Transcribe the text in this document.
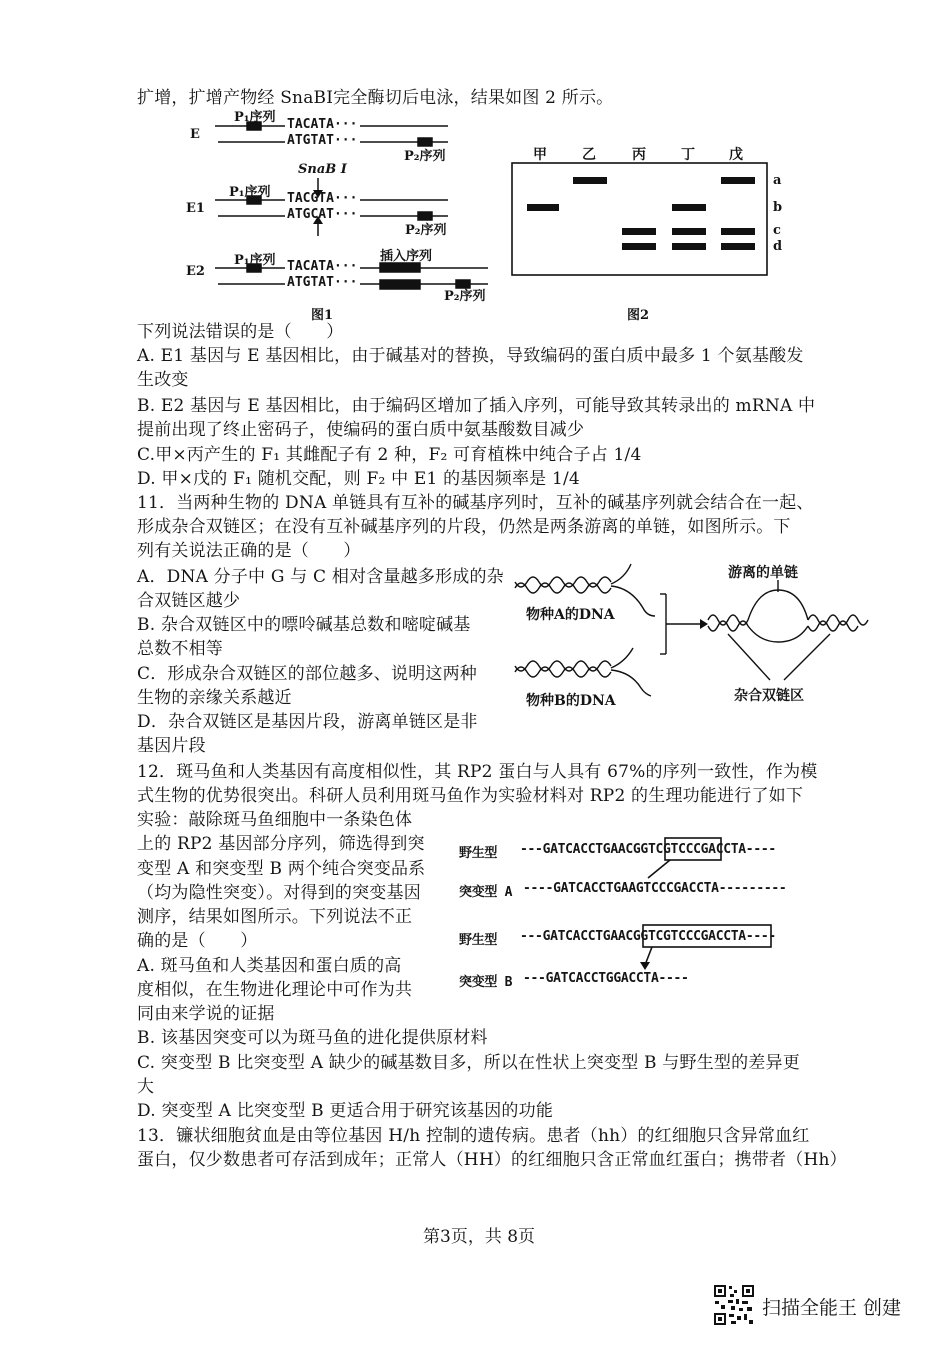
扩增，扩增产物经 SnaBI完全酶切后电泳，结果如图 2 所示。
E
E1
E2
P₁序列
P₁序列
P₁序列
P₂序列
P₂序列
P₂序列
插入序列
SnaB Ⅰ
TACATA···
ATGTAT···
TACGTA···
ATGCAT···
TACATA···
ATGTAT···
图1
甲	乙	丙	丁 戊
a
b
c
d
图2
下列说法错误的是（　　）
A. E1 基因与 E 基因相比，由于碱基对的替换，导致编码的蛋白质中最多 1 个氨基酸发
生改变
B. E2 基因与 E 基因相比，由于编码区增加了插入序列，可能导致其转录出的 mRNA 中
提前出现了终止密码子，使编码的蛋白质中氨基酸数目减少
C.甲×丙产生的 F₁ 其雌配子有 2 种，F₂ 可育植株中纯合子占 1/4
D. 甲×戊的 F₁ 随机交配，则 F₂ 中 E1 的基因频率是 1/4
11．当两种生物的 DNA 单链具有互补的碱基序列时，互补的碱基序列就会结合在一起、
形成杂合双链区；在没有互补碱基序列的片段，仍然是两条游离的单链，如图所示。下
列有关说法正确的是（　　）
A．DNA 分子中 G 与 C 相对含量越多形成的杂
合双链区越少
B. 杂合双链区中的嘌呤碱基总数和嘧啶碱基
总数不相等
C．形成杂合双链区的部位越多、说明这两种
生物的亲缘关系越近
D．杂合双链区是基因片段，游离单链区是非
基因片段
物种A的DNA
物种B的DNA
游离的单链
杂合双链区
12．斑马鱼和人类基因有高度相似性，其 RP2 蛋白与人具有 67%的序列一致性，作为模
式生物的优势很突出。科研人员利用斑马鱼作为实验材料对 RP2 的生理功能进行了如下
实验：敲除斑马鱼细胞中一条染色体
上的 RP2 基因部分序列，筛选得到突
变型 A 和突变型 B 两个纯合突变品系
（均为隐性突变）。对得到的突变基因
测序，结果如图所示。下列说法不正
确的是（　　）
A. 斑马鱼和人类基因和蛋白质的高
度相似，在生物进化理论中可作为共
同由来学说的证据
B. 该基因突变可以为斑马鱼的进化提供原材料
C. 突变型 B 比突变型 A 缺少的碱基数目多，所以在性状上突变型 B 与野生型的差异更
大
D. 突变型 A 比突变型 B 更适合用于研究该基因的功能
野生型 ---GATCACCTGAACGGTCGTCCCGACCTA----
突变型 A ----GATCACCTGAAGTCCCGACCTA---------
野生型 ---GATCACCTGAACGGTCGTCCCGACCTA----
突变型 B ---GATCACCTGGACCTA----
13．镰状细胞贫血是由等位基因 H/h 控制的遗传病。患者（hh）的红细胞只含异常血红
蛋白，仅少数患者可存活到成年；正常人（HH）的红细胞只含正常血红蛋白；携带者（Hh）
第3页，共 8页
扫描全能王 创建
